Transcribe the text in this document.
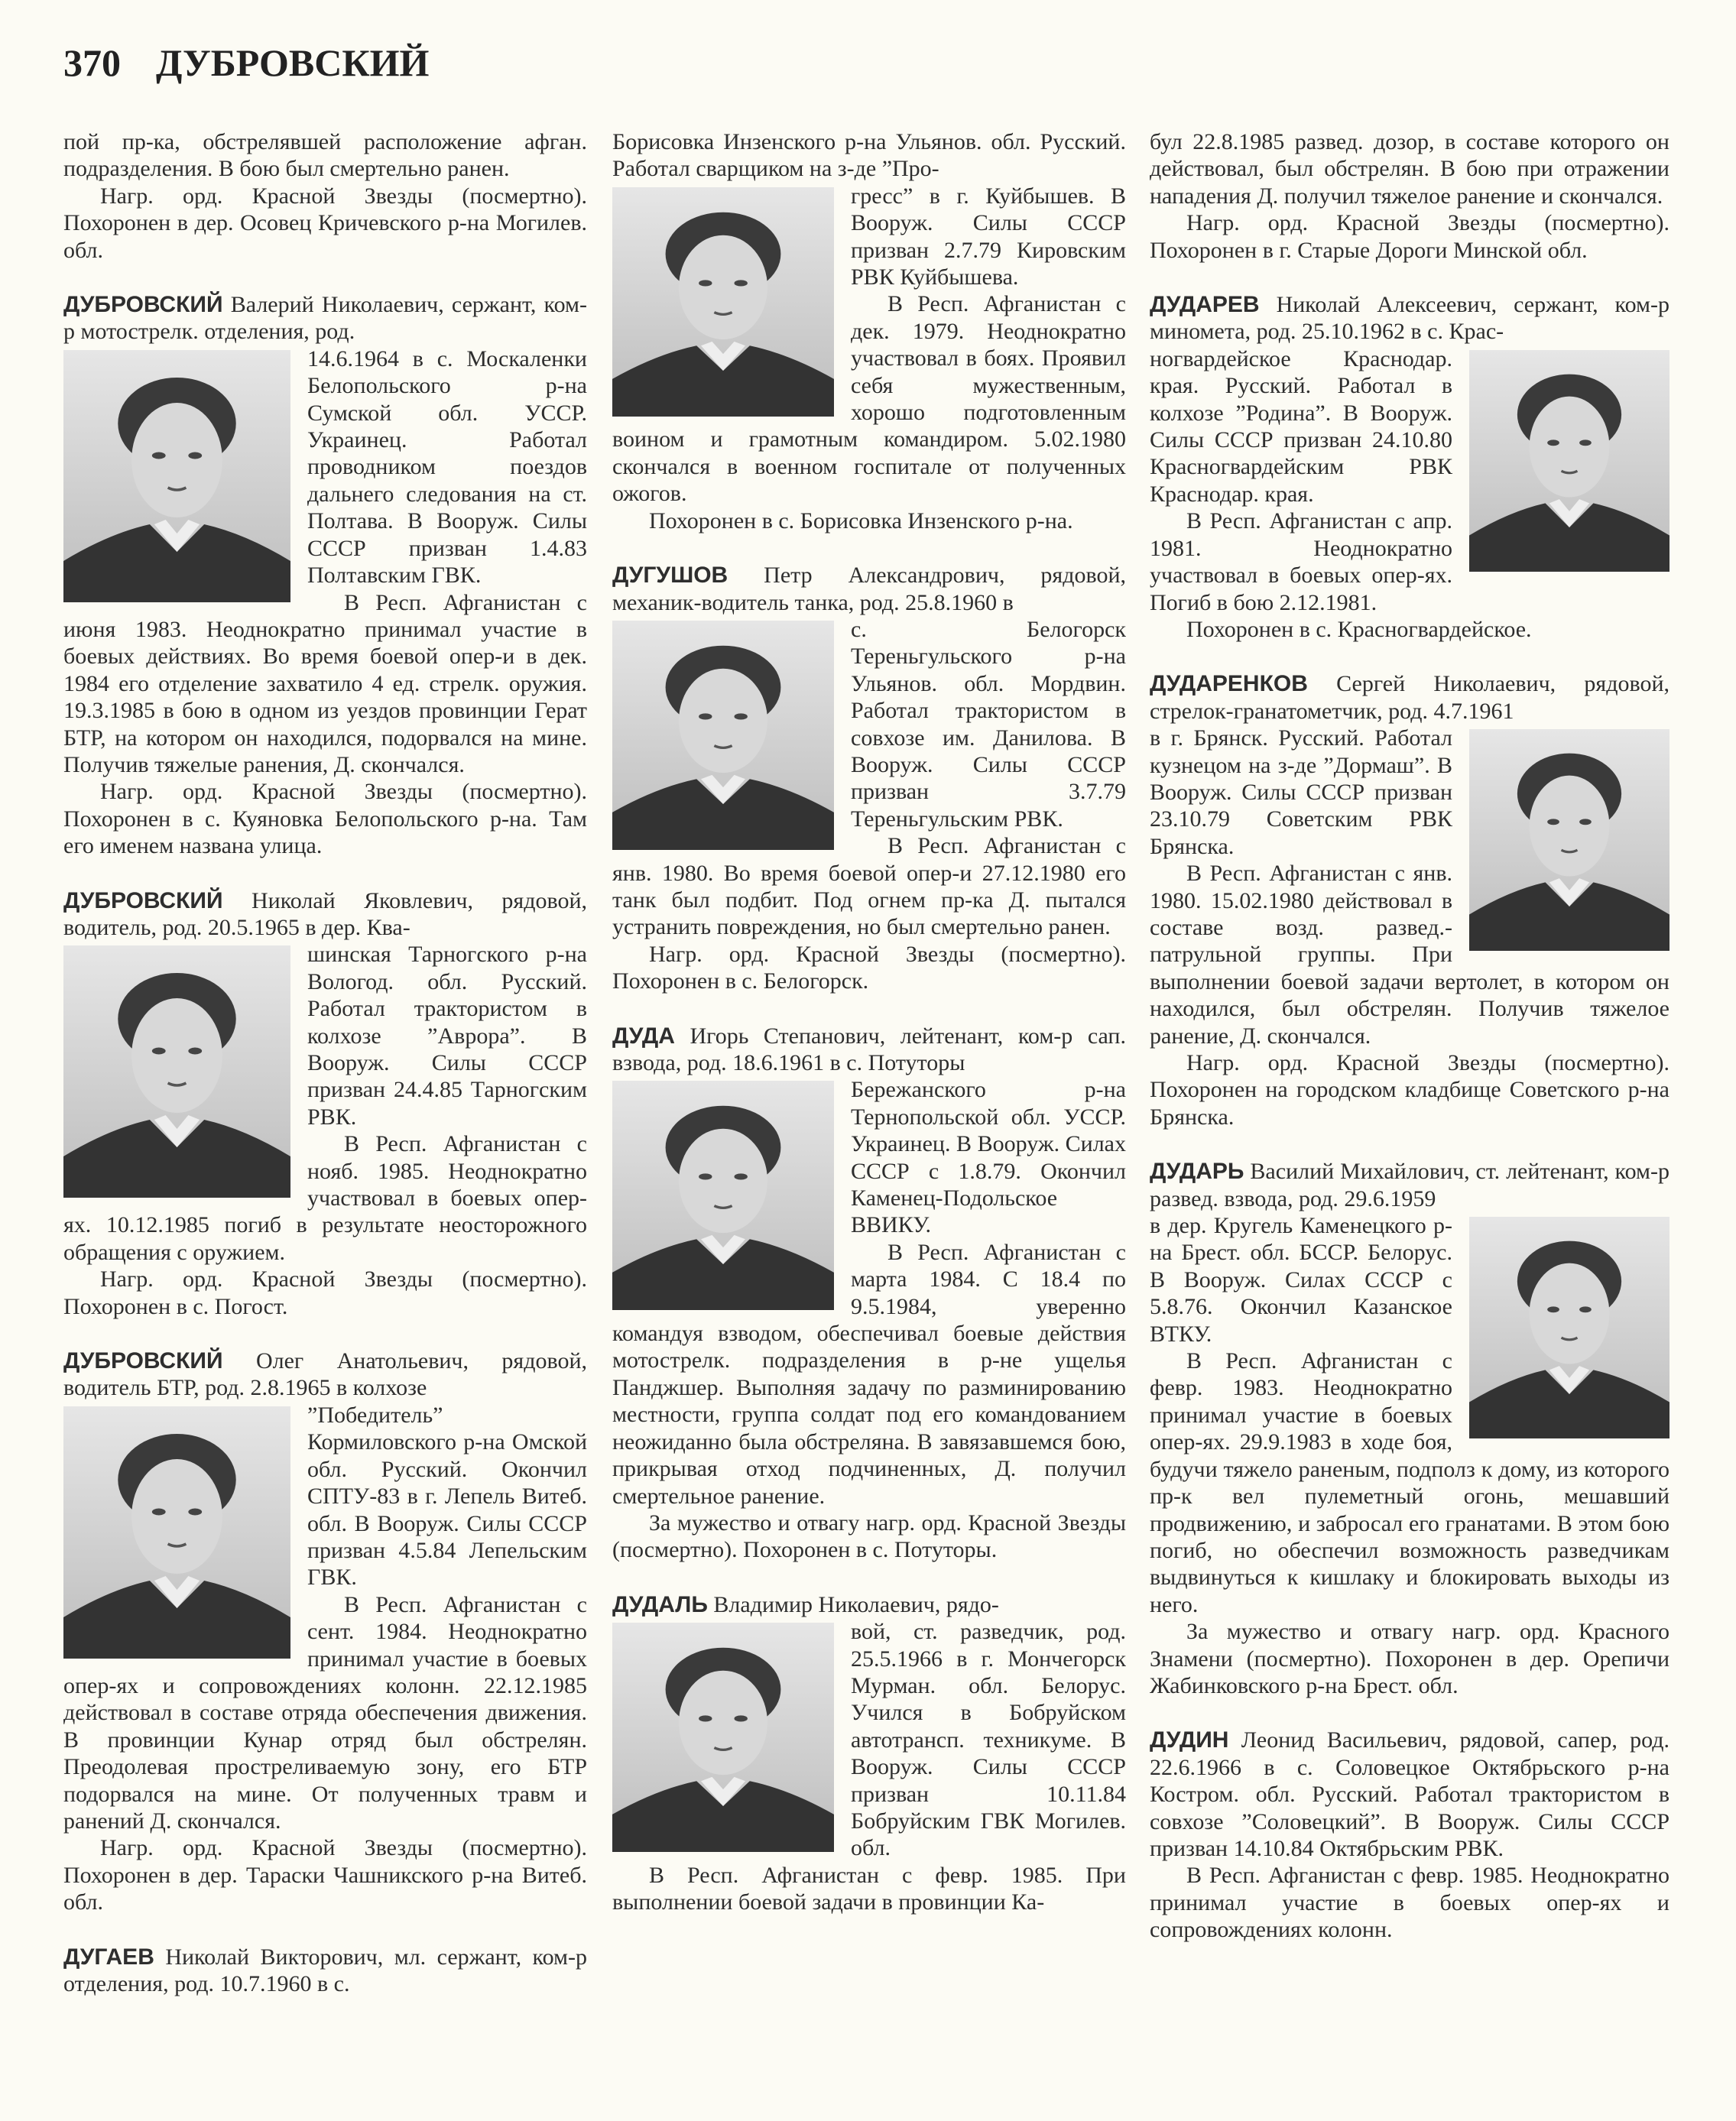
370 ДУБРОВСКИЙ

пой пр-ка, обстрелявшей расположение афган. подразделения. В бою был смертельно ранен.

Нагр. орд. Красной Звезды (посмертно). Похоронен в дер. Осовец Кричевского р-на Могилев. обл.

ДУБРОВСКИЙ Валерий Николаевич, сержант, ком-р мотострелк. отделения, род.

14.6.1964 в с. Москаленки Белопольского р-на Сумской обл. УССР. Украинец. Работал проводником поездов дальнего следования на ст. Полтава. В Вооруж. Силы СССР призван 1.4.83 Полтавским ГВК.

В Респ. Афганистан с июня 1983. Неоднократно принимал участие в боевых действиях. Во время боевой опер-и в дек. 1984 его отделение захватило 4 ед. стрелк. оружия. 19.3.1985 в бою в одном из уездов провинции Герат БТР, на котором он находился, подорвался на мине. Получив тяжелые ранения, Д. скончался.

Нагр. орд. Красной Звезды (посмертно). Похоронен в с. Куяновка Белопольского р-на. Там его именем названа улица.

ДУБРОВСКИЙ Николай Яковлевич, рядовой, водитель, род. 20.5.1965 в дер. Ква-

шинская Тарногского р-на Вологод. обл. Русский. Работал трактористом в колхозе ”Аврора”. В Вооруж. Силы СССР призван 24.4.85 Тарногским РВК.

В Респ. Афганистан с нояб. 1985. Неоднократно участвовал в боевых опер-ях. 10.12.1985 погиб в результате неосторожного обращения с оружием.

Нагр. орд. Красной Звезды (посмертно). Похоронен в с. Погост.

ДУБРОВСКИЙ Олег Анатольевич, рядовой, водитель БТР, род. 2.8.1965 в колхозе

”Победитель” Кормиловского р-на Омской обл. Русский. Окончил СПТУ-83 в г. Лепель Витеб. обл. В Вооруж. Силы СССР призван 4.5.84 Лепельским ГВК.

В Респ. Афганистан с сент. 1984. Неоднократно принимал участие в боевых опер-ях и сопровождениях колонн. 22.12.1985 действовал в составе отряда обеспечения движения. В провинции Кунар отряд был обстрелян. Преодолевая простреливаемую зону, его БТР подорвался на мине. От полученных травм и ранений Д. скончался.

Нагр. орд. Красной Звезды (посмертно). Похоронен в дер. Тараски Чашникского р-на Витеб. обл.

ДУГАЕВ Николай Викторович, мл. сержант, ком-р отделения, род. 10.7.1960 в с.
Борисовка Инзенского р-на Ульянов. обл. Русский. Работал сварщиком на з-де ”Про-

гресс” в г. Куйбышев. В Вооруж. Силы СССР призван 2.7.79 Кировским РВК Куйбышева.

В Респ. Афганистан с дек. 1979. Неоднократно участвовал в боях. Проявил себя мужественным, хорошо подготовленным воином и грамотным командиром. 5.02.1980 скончался в военном госпитале от полученных ожогов.

Похоронен в с. Борисовка Инзенского р-на.

ДУГУШОВ Петр Александрович, рядовой, механик-водитель танка, род. 25.8.1960 в

с. Белогорск Тереньгульского р-на Ульянов. обл. Мордвин. Работал трактористом в совхозе им. Данилова. В Вооруж. Силы СССР призван 3.7.79 Тереньгульским РВК.

В Респ. Афганистан с янв. 1980. Во время боевой опер-и 27.12.1980 его танк был подбит. Под огнем пр-ка Д. пытался устранить повреждения, но был смертельно ранен.

Нагр. орд. Красной Звезды (посмертно). Похоронен в с. Белогорск.

ДУДА Игорь Степанович, лейтенант, ком-р сап. взвода, род. 18.6.1961 в с. Потуторы

Бережанского р-на Тернопольской обл. УССР. Украинец. В Вооруж. Силах СССР с 1.8.79. Окончил Каменец-Подольское ВВИКУ.

В Респ. Афганистан с марта 1984. С 18.4 по 9.5.1984, уверенно командуя взводом, обеспечивал боевые действия мотострелк. подразделения в р-не ущелья Панджшер. Выполняя задачу по разминированию местности, группа солдат под его командованием неожиданно была обстреляна. В завязавшемся бою, прикрывая отход подчиненных, Д. получил смертельное ранение.

За мужество и отвагу нагр. орд. Красной Звезды (посмертно). Похоронен в с. Потуторы.

ДУДАЛЬ Владимир Николаевич, рядо-

вой, ст. разведчик, род. 25.5.1966 в г. Мончегорск Мурман. обл. Белорус. Учился в Бобруйском автотрансп. техникуме. В Вооруж. Силы СССР призван 10.11.84 Бобруйским ГВК Могилев. обл.

В Респ. Афганистан с февр. 1985. При выполнении боевой задачи в провинции Ка-

бул 22.8.1985 развед. дозор, в составе которого он действовал, был обстрелян. В бою при отражении нападения Д. получил тяжелое ранение и скончался.

Нагр. орд. Красной Звезды (посмертно). Похоронен в г. Старые Дороги Минской обл.

ДУДАРЕВ Николай Алексеевич, сержант, ком-р миномета, род. 25.10.1962 в с. Крас-

ногвардейское Краснодар. края. Русский. Работал в колхозе ”Родина”. В Вооруж. Силы СССР призван 24.10.80 Красногвардейским РВК Краснодар. края.

В Респ. Афганистан с апр. 1981. Неоднократно участвовал в боевых опер-ях. Погиб в бою 2.12.1981.

Похоронен в с. Красногвардейское.

ДУДАРЕНКОВ Сергей Николаевич, рядовой, стрелок-гранатометчик, род. 4.7.1961

в г. Брянск. Русский. Работал кузнецом на з-де ”Дормаш”. В Вооруж. Силы СССР призван 23.10.79 Советским РВК Брянска.

В Респ. Афганистан с янв. 1980. 15.02.1980 действовал в составе возд. развед.-патрульной группы. При выполнении боевой задачи вертолет, в котором он находился, был обстрелян. Получив тяжелое ранение, Д. скончался.

Нагр. орд. Красной Звезды (посмертно). Похоронен на городском кладбище Советского р-на Брянска.

ДУДАРЬ Василий Михайлович, ст. лейтенант, ком-р развед. взвода, род. 29.6.1959

в дер. Кругель Каменецкого р-на Брест. обл. БССР. Белорус. В Вооруж. Силах СССР с 5.8.76. Окончил Казанское ВТКУ.

В Респ. Афганистан с февр. 1983. Неоднократно принимал участие в боевых опер-ях. 29.9.1983 в ходе боя, будучи тяжело раненым, подполз к дому, из которого пр-к вел пулеметный огонь, мешавший продвижению, и забросал его гранатами. В этом бою погиб, но обеспечил возможность разведчикам выдвинуться к кишлаку и блокировать выходы из него.

За мужество и отвагу нагр. орд. Красного Знамени (посмертно). Похоронен в дер. Орепичи Жабинковского р-на Брест. обл.

ДУДИН Леонид Васильевич, рядовой, сапер, род. 22.6.1966 в с. Соловецкое Октябрьского р-на Костром. обл. Русский. Работал трактористом в совхозе ”Соловецкий”. В Вооруж. Силы СССР призван 14.10.84 Октябрьским РВК.

В Респ. Афганистан с февр. 1985. Неоднократно принимал участие в боевых опер-ях и сопровождениях колонн.
